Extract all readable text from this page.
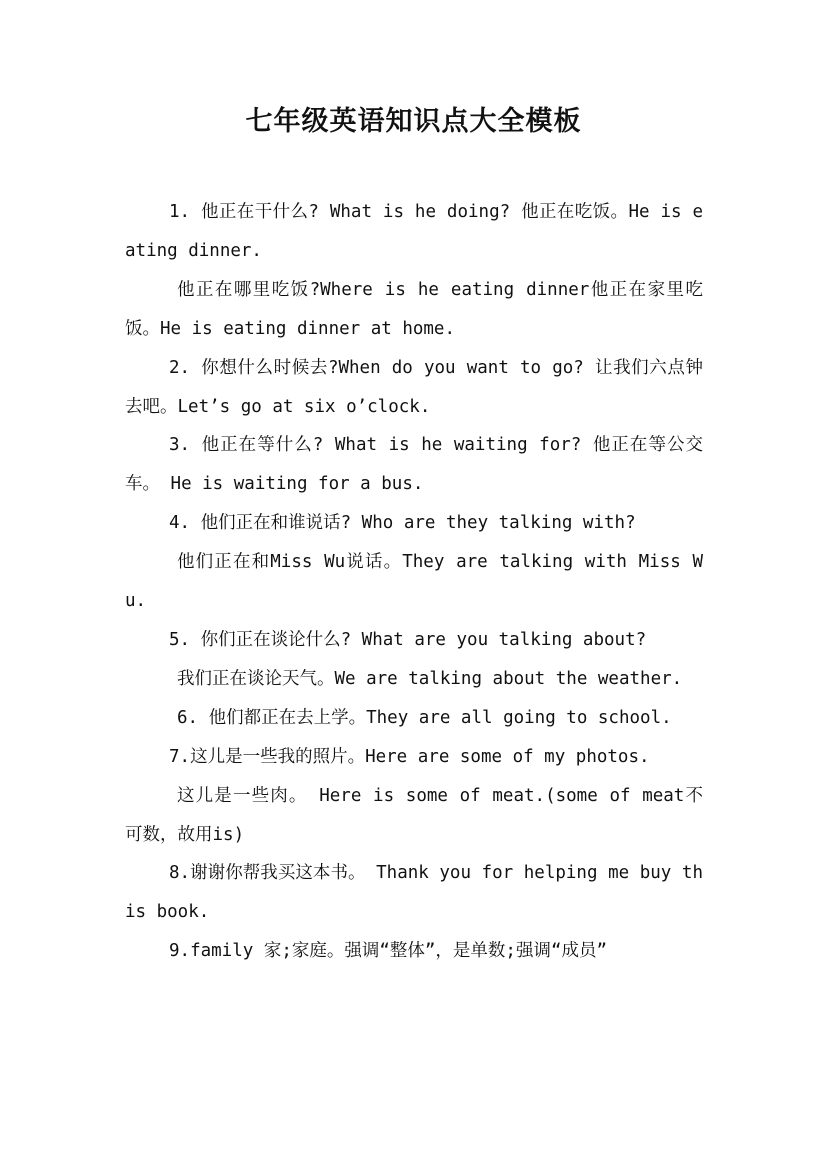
七年级英语知识点大全模板

1. 他正在干什么? What is he doing? 他正在吃饭。He is eating dinner.

他正在哪里吃饭?Where is he eating dinner他正在家里吃饭。He is eating dinner at home.

2. 你想什么时候去?When do you want to go? 让我们六点钟去吧。Let’s go at six o’clock.

3. 他正在等什么? What is he waiting for? 他正在等公交车。 He is waiting for a bus.

4. 他们正在和谁说话? Who are they talking with?

他们正在和Miss Wu说话。They are talking with Miss Wu.

5. 你们正在谈论什么? What are you talking about?

我们正在谈论天气。We are talking about the weather.

6. 他们都正在去上学。They are all going to school.

7.这儿是一些我的照片。Here are some of my photos.

这儿是一些肉。 Here is some of meat.(some of meat不可数，故用is)

8.谢谢你帮我买这本书。 Thank you for helping me buy this book.

9.family 家;家庭。强调“整体”，是单数;强调“成员”
